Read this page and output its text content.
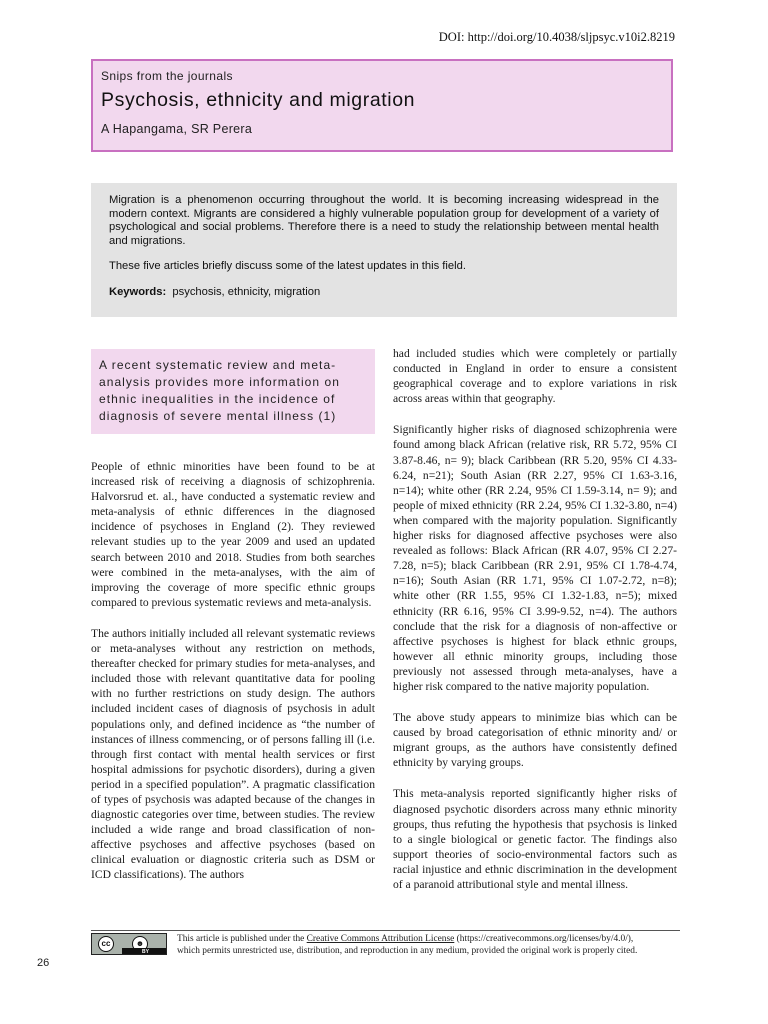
DOI: http://doi.org/10.4038/sljpsyc.v10i2.8219
Snips from the journals
Psychosis, ethnicity and migration
A Hapangama, SR Perera

Migration is a phenomenon occurring throughout the world. It is becoming increasing widespread in the modern context. Migrants are considered a highly vulnerable population group for development of a variety of psychological and social problems. Therefore there is a need to study the relationship between mental health and migrations.

These five articles briefly discuss some of the latest updates in this field.

Keywords: psychosis, ethnicity, migration

A recent systematic review and meta-analysis provides more information on ethnic inequalities in the incidence of diagnosis of severe mental illness (1)

People of ethnic minorities have been found to be at increased risk of receiving a diagnosis of schizophrenia. Halvorsrud et. al., have conducted a systematic review and meta-analysis of ethnic differences in the diagnosed incidence of psychoses in England (2). They reviewed relevant studies up to the year 2009 and used an updated search between 2010 and 2018. Studies from both searches were combined in the meta-analyses, with the aim of improving the coverage of more specific ethnic groups compared to previous systematic reviews and meta-analysis.

The authors initially included all relevant systematic reviews or meta-analyses without any restriction on methods, thereafter checked for primary studies for meta-analyses, and included those with relevant quantitative data for pooling with no further restrictions on study design. The authors included incident cases of diagnosis of psychosis in adult populations only, and defined incidence as “the number of instances of illness commencing, or of persons falling ill (i.e. through first contact with mental health services or first hospital admissions for psychotic disorders), during a given period in a specified population”. A pragmatic classification of types of psychosis was adapted because of the changes in diagnostic categories over time, between studies. The review included a wide range and broad classification of non-affective psychoses and affective psychoses (based on clinical evaluation or diagnostic criteria such as DSM or ICD classifications). The authors

had included studies which were completely or partially conducted in England in order to ensure a consistent geographical coverage and to explore variations in risk across areas within that geography.

Significantly higher risks of diagnosed schizophrenia were found among black African (relative risk, RR 5.72, 95% CI 3.87-8.46, n= 9); black Caribbean (RR 5.20, 95% CI 4.33-6.24, n=21); South Asian (RR 2.27, 95% CI 1.63-3.16, n=14); white other (RR 2.24, 95% CI 1.59-3.14, n= 9); and people of mixed ethnicity (RR 2.24, 95% CI 1.32-3.80, n=4) when compared with the majority population. Significantly higher risks for diagnosed affective psychoses were also revealed as follows: Black African (RR 4.07, 95% CI 2.27-7.28, n=5); black Caribbean (RR 2.91, 95% CI 1.78-4.74, n=16); South Asian (RR 1.71, 95% CI 1.07-2.72, n=8); white other (RR 1.55, 95% CI 1.32-1.83, n=5); mixed ethnicity (RR 6.16, 95% CI 3.99-9.52, n=4). The authors conclude that the risk for a diagnosis of non-affective or affective psychoses is highest for black ethnic groups, however all ethnic minority groups, including those previously not assessed through meta-analyses, have a higher risk compared to the native majority population.

The above study appears to minimize bias which can be caused by broad categorisation of ethnic minority and/ or migrant groups, as the authors have consistently defined ethnicity by varying groups.

This meta-analysis reported significantly higher risks of diagnosed psychotic disorders across many ethnic minority groups, thus refuting the hypothesis that psychosis is linked to a single biological or genetic factor. The findings also support theories of socio-environmental factors such as racial injustice and ethnic discrimination in the development of a paranoid attributional style and mental illness.

cc	☻
BY
This article is published under the Creative Commons Attribution License (https://creativecommons.org/licenses/by/4.0/),
which permits unrestricted use, distribution, and reproduction in any medium, provided the original work is properly cited.
26
